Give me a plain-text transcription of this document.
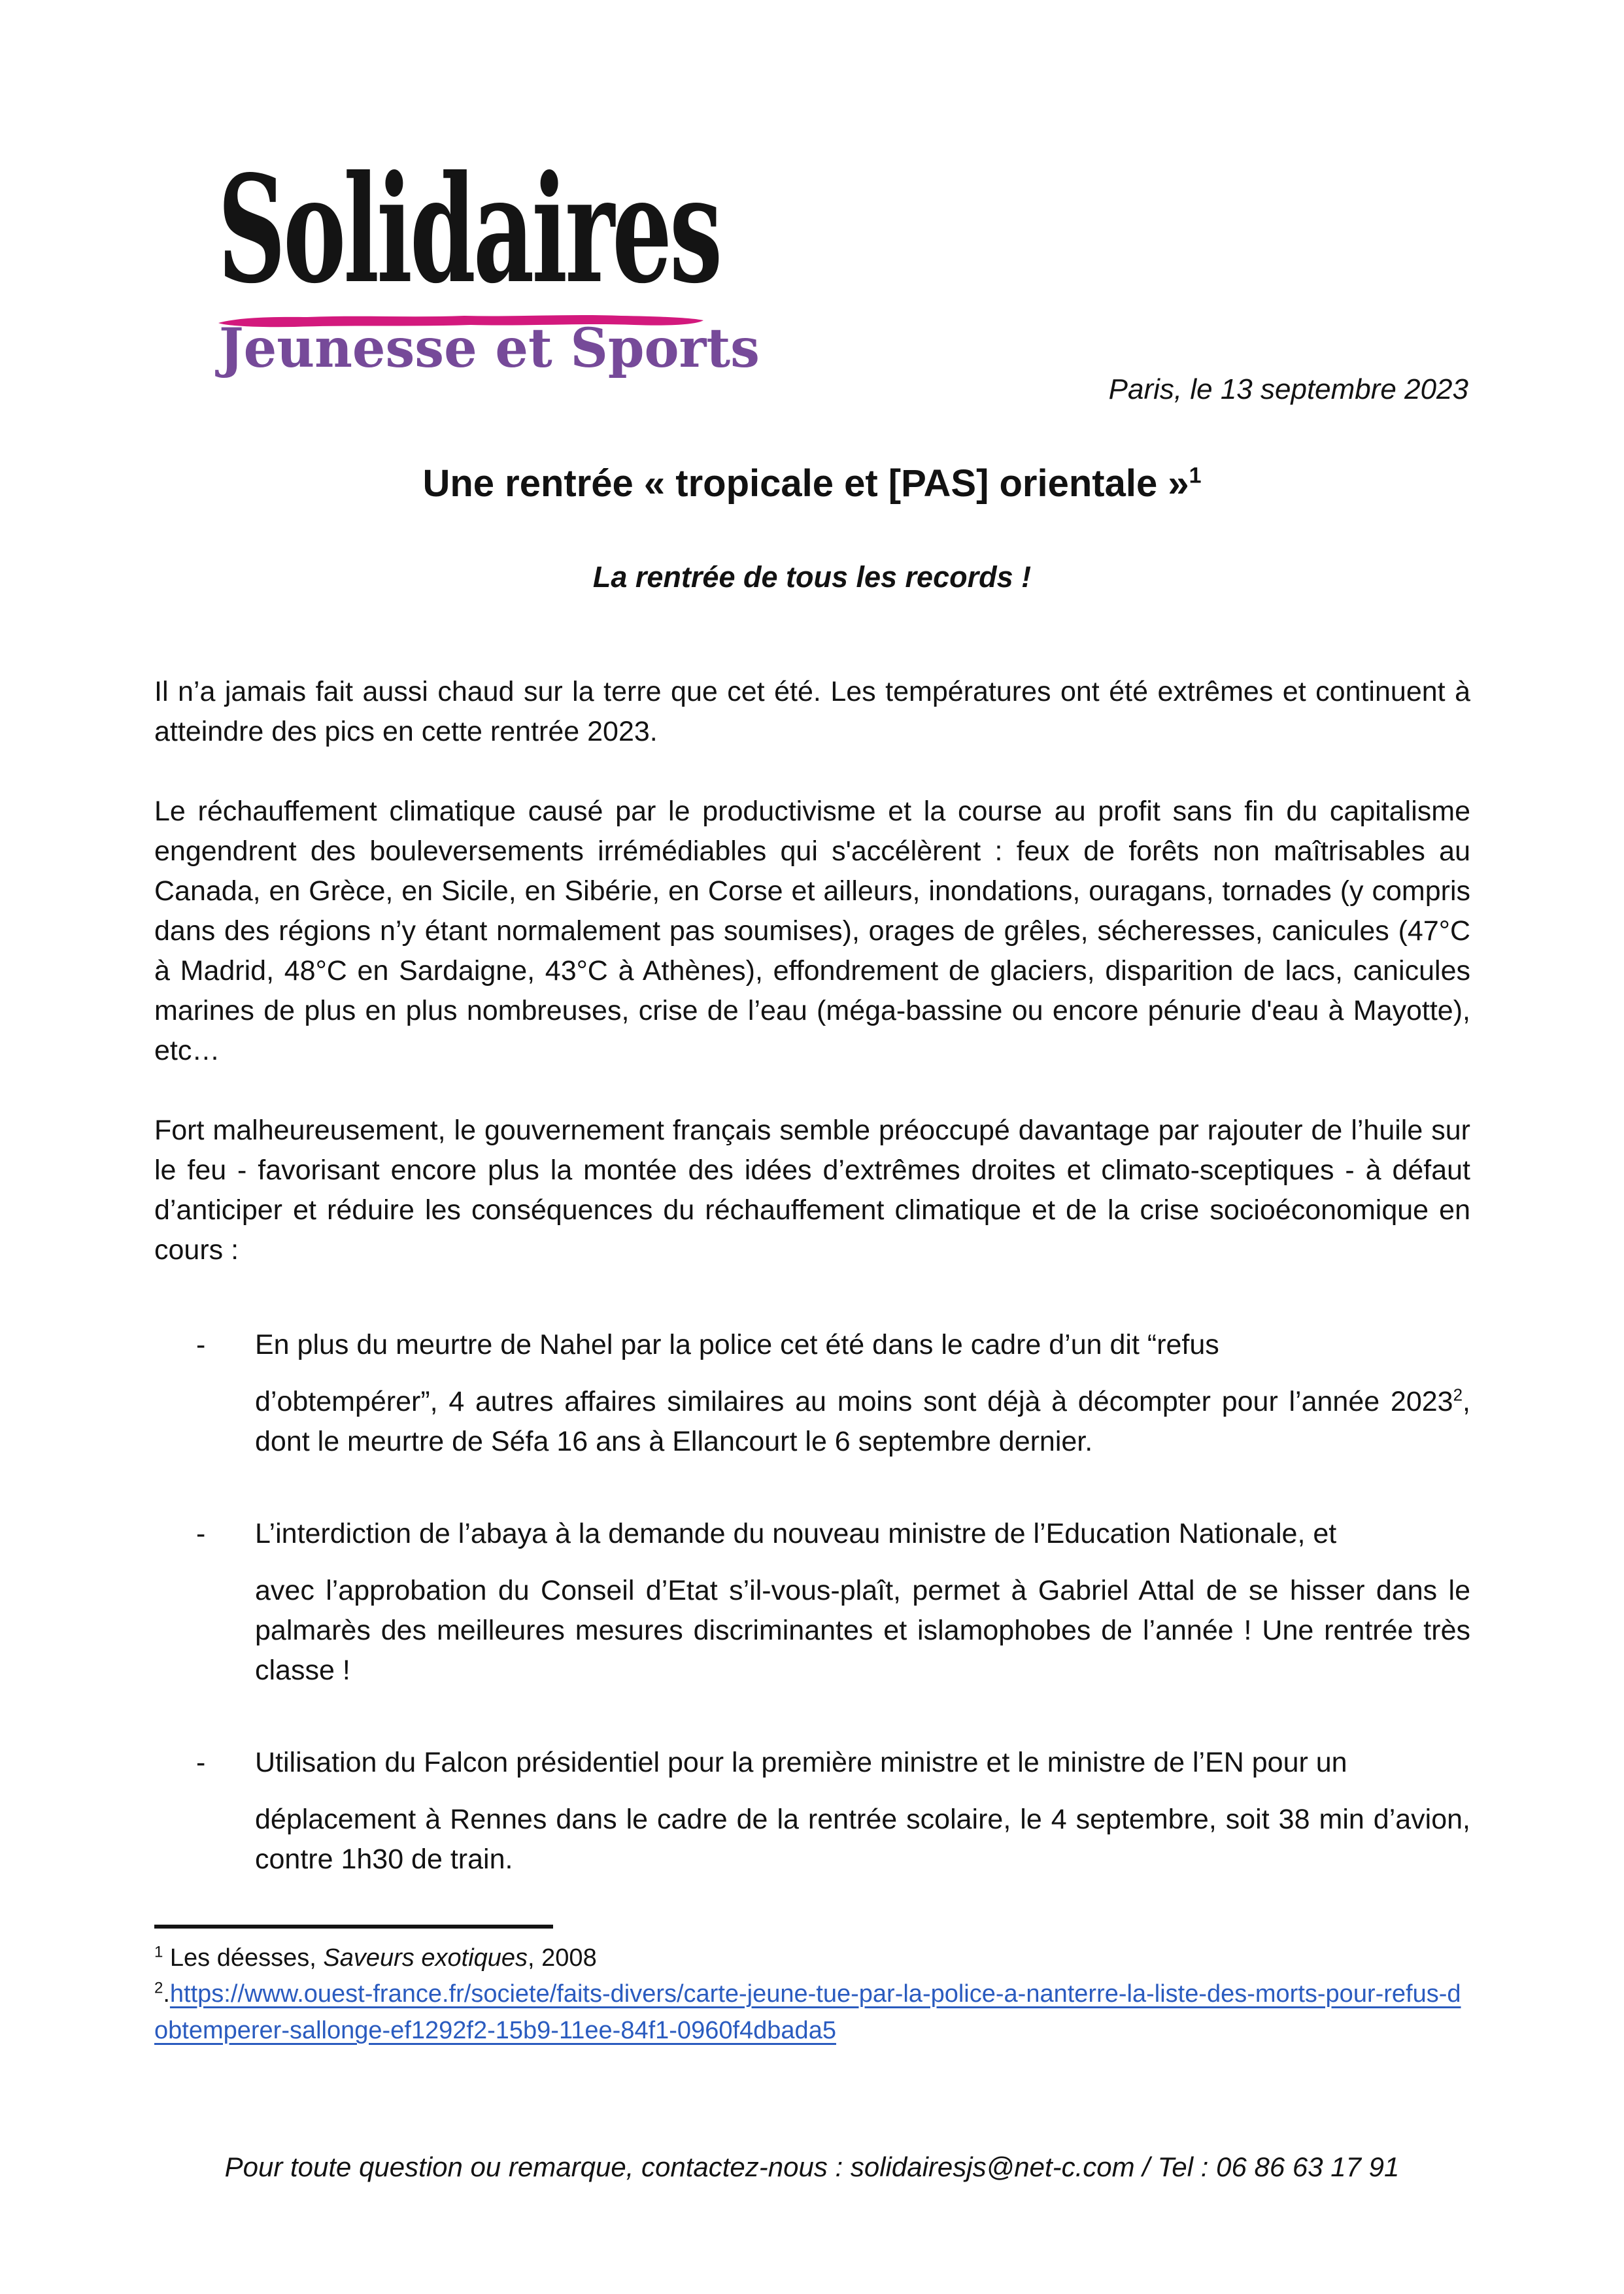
Solidaires
Jeunesse et Sports
Paris, le 13 septembre 2023
Une rentrée « tropicale et [PAS] orientale »$^1$
La rentrée de tous les records !

Il n’a jamais fait aussi chaud sur la terre que cet été. Les températures ont été extrêmes et continuent à atteindre des pics en cette rentrée 2023.

Le réchauffement climatique causé par le productivisme et la course au profit sans fin du capitalisme engendrent des bouleversements irrémédiables qui s'accélèrent : feux de forêts non maîtrisables au Canada, en Grèce, en Sicile, en Sibérie, en Corse et ailleurs, inondations, ouragans, tornades (y compris dans des régions n’y étant normalement pas soumises), orages de grêles, sécheresses, canicules (47°C à Madrid, 48°C en Sardaigne, 43°C à Athènes), effondrement de glaciers, disparition de lacs, canicules marines de plus en plus nombreuses, crise de l’eau (méga-bassine ou encore pénurie d'eau à Mayotte), etc…

Fort malheureusement, le gouvernement français semble préoccupé davantage par rajouter de l’huile sur le feu - favorisant encore plus la montée des idées d’extrêmes droites et climato-sceptiques - à défaut d’anticiper et réduire les conséquences du réchauffement climatique et de la crise socioéconomique en cours :

- En plus du meurtre de Nahel par la police cet été dans le cadre d’un dit “refus
d’obtempérer”, 4 autres affaires similaires au moins sont déjà à décompter pour l’année 2023$^2$, dont le meurtre de Séfa 16 ans à Ellancourt le 6 septembre dernier.
- L’interdiction de l’abaya à la demande du nouveau ministre de l’Education Nationale, et
avec l’approbation du Conseil d’Etat s’il-vous-plaît, permet à Gabriel Attal de se hisser dans le palmarès des meilleures mesures discriminantes et islamophobes de l’année ! Une rentrée très classe !
- Utilisation du Falcon présidentiel pour la première ministre et le ministre de l’EN pour un
déplacement à Rennes dans le cadre de la rentrée scolaire, le 4 septembre, soit 38 min d’avion, contre 1h30 de train.

$^1$ Les déesses, Saveurs exotiques, 2008

$^2$.https://www.ouest-france.fr/societe/faits-divers/carte-jeune-tue-par-la-police-a-nanterre-la-liste-des-morts-pour-refus-dobtemperer-sallonge-ef1292f2-15b9-11ee-84f1-0960f4dbada5

Pour toute question ou remarque, contactez-nous : solidairesjs@net-c.com / Tel : 06 86 63 17 91
